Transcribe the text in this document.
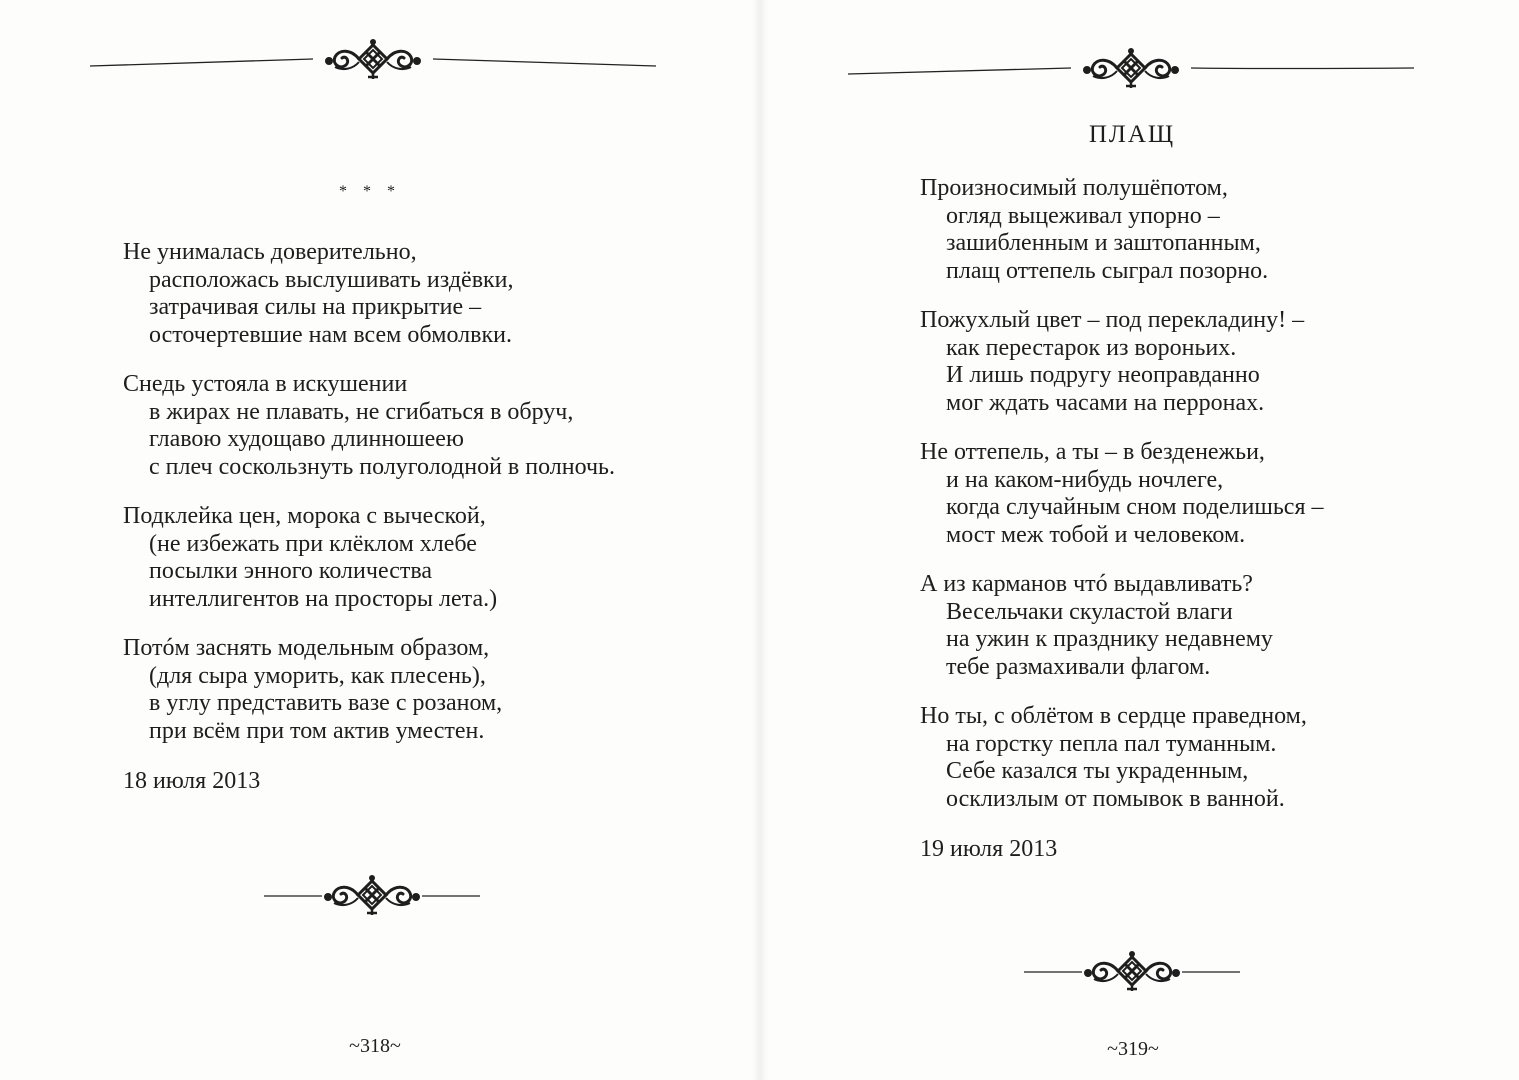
* * *
Не унималась доверительно,
расположась выслушивать издёвки,
затрачивая силы на прикрытие –
осточертевшие нам всем обмолвки.
Снедь устояла в искушении
в жирах не плавать, не сгибаться в обруч,
главою худощаво длинношеею
с плеч соскользнуть полуголодной в полночь.
Подклейка цен, морока с выческой,
(не избежать при клёклом хлебе
посылки энного количества
интеллигентов на просторы лета.)
Потóм заснять модельным образом,
(для сыра уморить, как плесень),
в углу представить вазе с розаном,
при всём при том актив уместен.
18 июля 2013
~318~
ПЛАЩ
Произносимый полушёпотом,
огляд выцеживал упорно –
зашибленным и заштопанным,
плащ оттепель сыграл позорно.
Пожухлый цвет – под перекладину! –
как перестарок из вороньих.
И лишь подругу неоправданно
мог ждать часами на перронах.
Не оттепель, а ты – в безденежьи,
и на каком-нибудь ночлеге,
когда случайным сном поделишься –
мост меж тобой и человеком.
А из карманов чтó выдавливать?
Весельчаки скуластой влаги
на ужин к празднику недавнему
тебе размахивали флагом.
Но ты, с облётом в сердце праведном,
на горстку пепла пал туманным.
Себе казался ты украденным,
осклизлым от помывок в ванной.
19 июля 2013
~319~
